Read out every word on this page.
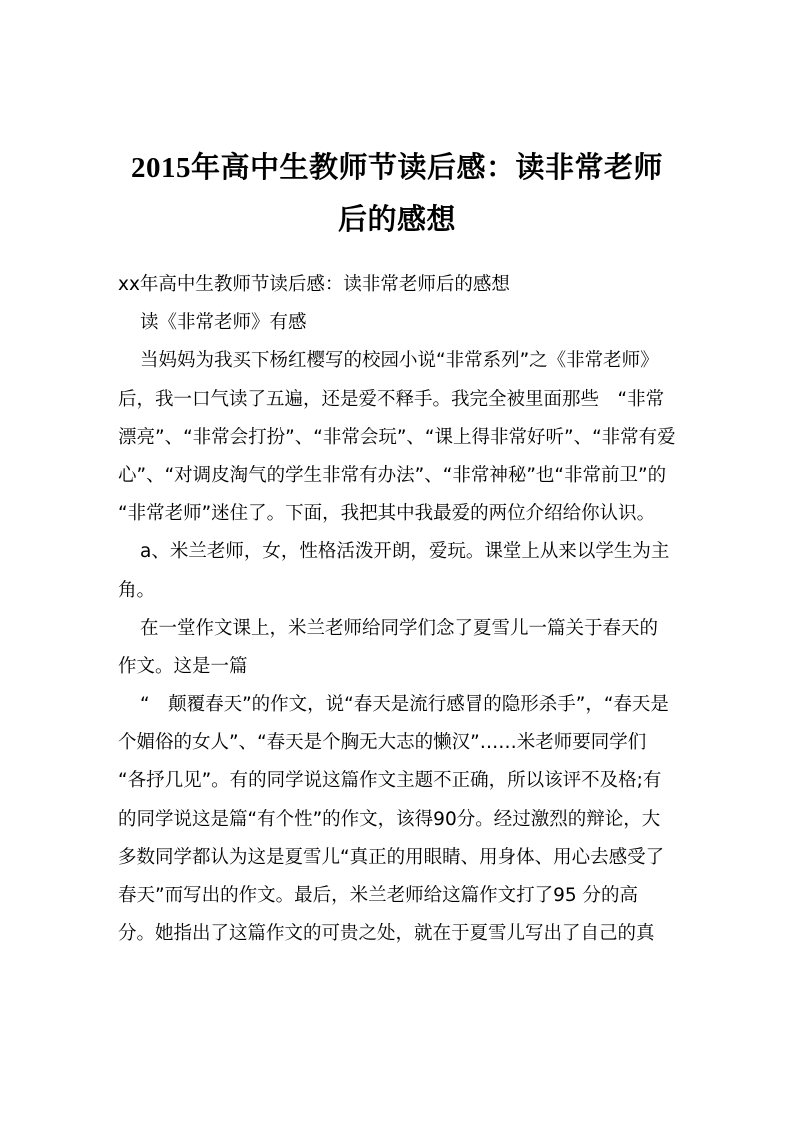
2015年高中生教师节读后感：读非常老师
后的感想
xx年高中生教师节读后感：读非常老师后的感想
读《非常老师》有感
当妈妈为我买下杨红樱写的校园小说“非常系列”之《非常老师》
后，我一口气读了五遍，还是爱不释手。我完全被里面那些　“非常
漂亮”、“非常会打扮”、“非常会玩”、“课上得非常好听”、“非常有爱
心”、“对调皮淘气的学生非常有办法”、“非常神秘”也“非常前卫”的
“非常老师”迷住了。下面，我把其中我最爱的两位介绍给你认识。
a、米兰老师，女，性格活泼开朗，爱玩。课堂上从来以学生为主
角。
在一堂作文课上，米兰老师给同学们念了夏雪儿一篇关于春天的
作文。这是一篇
“　颠覆春天”的作文，说“春天是流行感冒的隐形杀手”，“春天是
个媚俗的女人”、“春天是个胸无大志的懒汉”……米老师要同学们
“各抒几见”。有的同学说这篇作文主题不正确，所以该评不及格;有
的同学说这是篇“有个性”的作文，该得90分。经过激烈的辩论，大
多数同学都认为这是夏雪儿“真正的用眼睛、用身体、用心去感受了
春天”而写出的作文。最后，米兰老师给这篇作文打了95 分的高
分。她指出了这篇作文的可贵之处，就在于夏雪儿写出了自己的真
